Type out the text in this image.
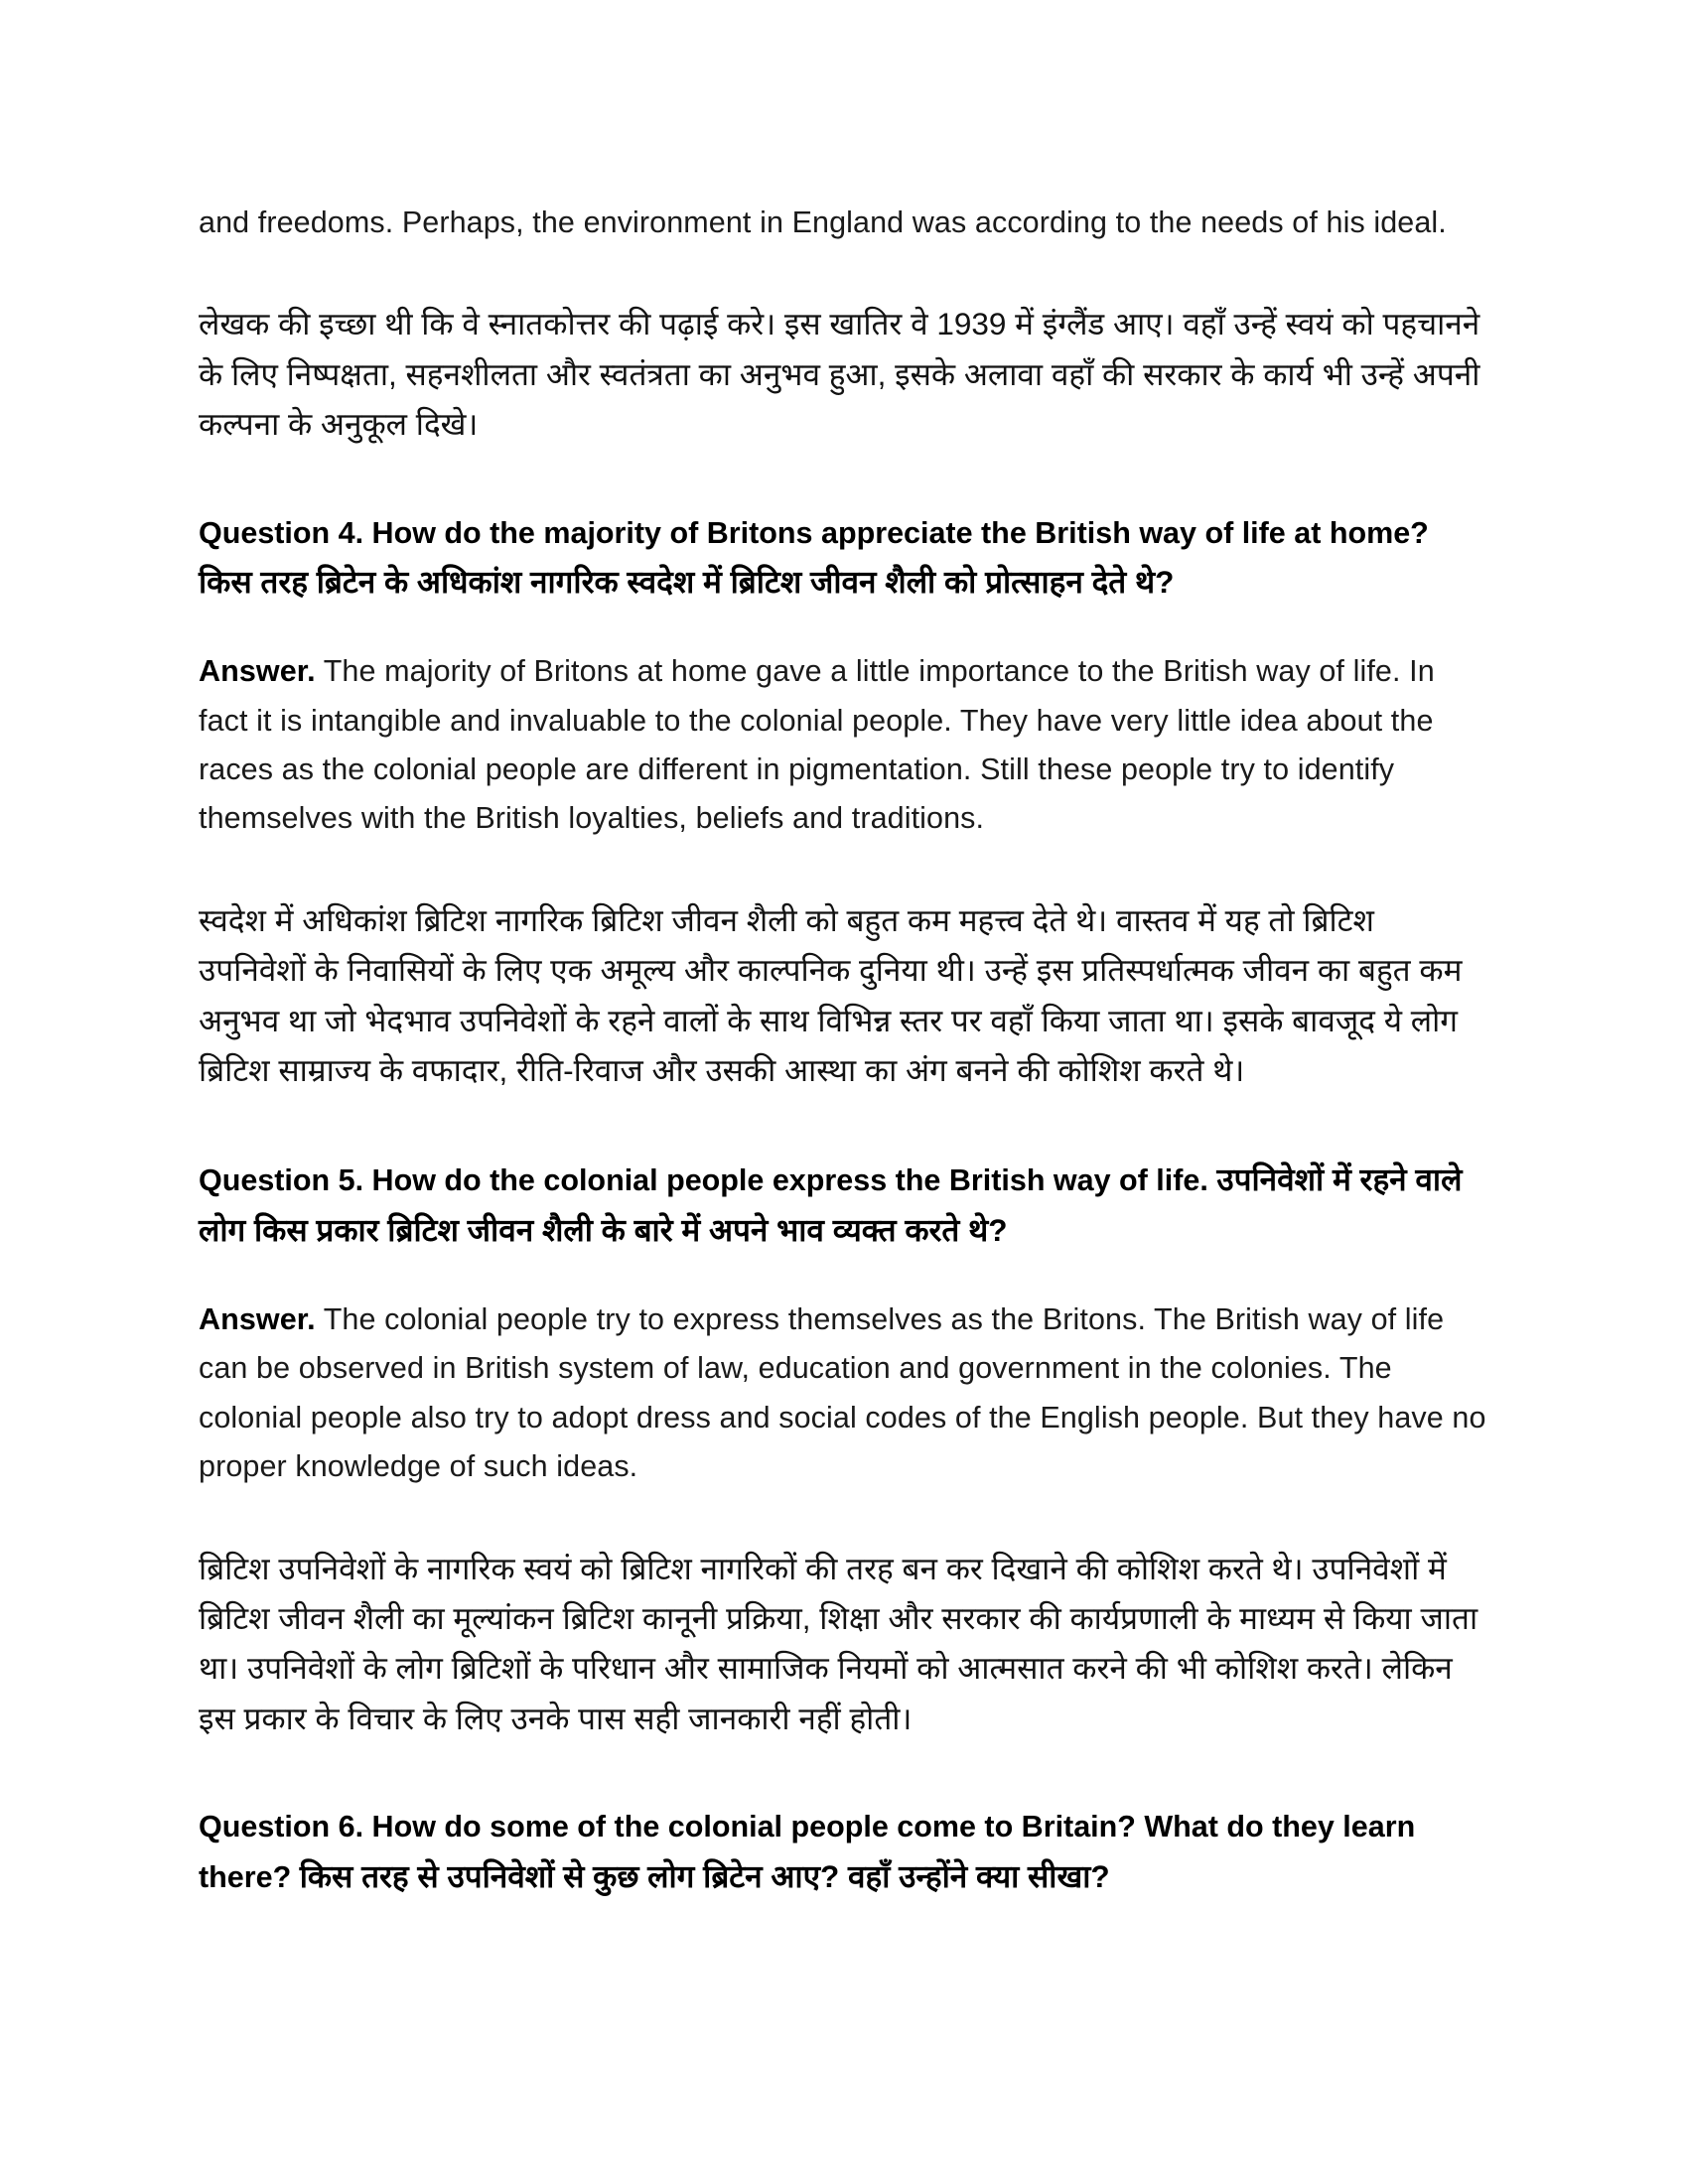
and freedoms. Perhaps, the environment in England was according to the needs of his ideal.

लेखक की इच्छा थी कि वे स्नातकोत्तर की पढ़ाई करे। इस खातिर वे 1939 में इंग्लैंड आए। वहाँ उन्हें स्वयं को पहचानने के लिए निष्पक्षता, सहनशीलता और स्वतंत्रता का अनुभव हुआ, इसके अलावा वहाँ की सरकार के कार्य भी उन्हें अपनी कल्पना के अनुकूल दिखे।

Question 4. How do the majority of Britons appreciate the British way of life at home? किस तरह ब्रिटेन के अधिकांश नागरिक स्वदेश में ब्रिटिश जीवन शैली को प्रोत्साहन देते थे?

Answer. The majority of Britons at home gave a little importance to the British way of life. In fact it is intangible and invaluable to the colonial people. They have very little idea about the races as the colonial people are different in pigmentation. Still these people try to identify themselves with the British loyalties, beliefs and traditions.

स्वदेश में अधिकांश ब्रिटिश नागरिक ब्रिटिश जीवन शैली को बहुत कम महत्त्व देते थे। वास्तव में यह तो ब्रिटिश उपनिवेशों के निवासियों के लिए एक अमूल्य और काल्पनिक दुनिया थी। उन्हें इस प्रतिस्पर्धात्मक जीवन का बहुत कम अनुभव था जो भेदभाव उपनिवेशों के रहने वालों के साथ विभिन्न स्तर पर वहाँ किया जाता था। इसके बावजूद ये लोग ब्रिटिश साम्राज्य के वफादार, रीति-रिवाज और उसकी आस्था का अंग बनने की कोशिश करते थे।

Question 5. How do the colonial people express the British way of life. उपनिवेशों में रहने वाले लोग किस प्रकार ब्रिटिश जीवन शैली के बारे में अपने भाव व्यक्त करते थे?

Answer. The colonial people try to express themselves as the Britons. The British way of life can be observed in British system of law, education and government in the colonies. The colonial people also try to adopt dress and social codes of the English people. But they have no proper knowledge of such ideas.

ब्रिटिश उपनिवेशों के नागरिक स्वयं को ब्रिटिश नागरिकों की तरह बन कर दिखाने की कोशिश करते थे। उपनिवेशों में ब्रिटिश जीवन शैली का मूल्यांकन ब्रिटिश कानूनी प्रक्रिया, शिक्षा और सरकार की कार्यप्रणाली के माध्यम से किया जाता था। उपनिवेशों के लोग ब्रिटिशों के परिधान और सामाजिक नियमों को आत्मसात करने की भी कोशिश करते। लेकिन इस प्रकार के विचार के लिए उनके पास सही जानकारी नहीं होती।

Question 6. How do some of the colonial people come to Britain? What do they learn there? किस तरह से उपनिवेशों से कुछ लोग ब्रिटेन आए? वहाँ उन्होंने क्या सीखा?
